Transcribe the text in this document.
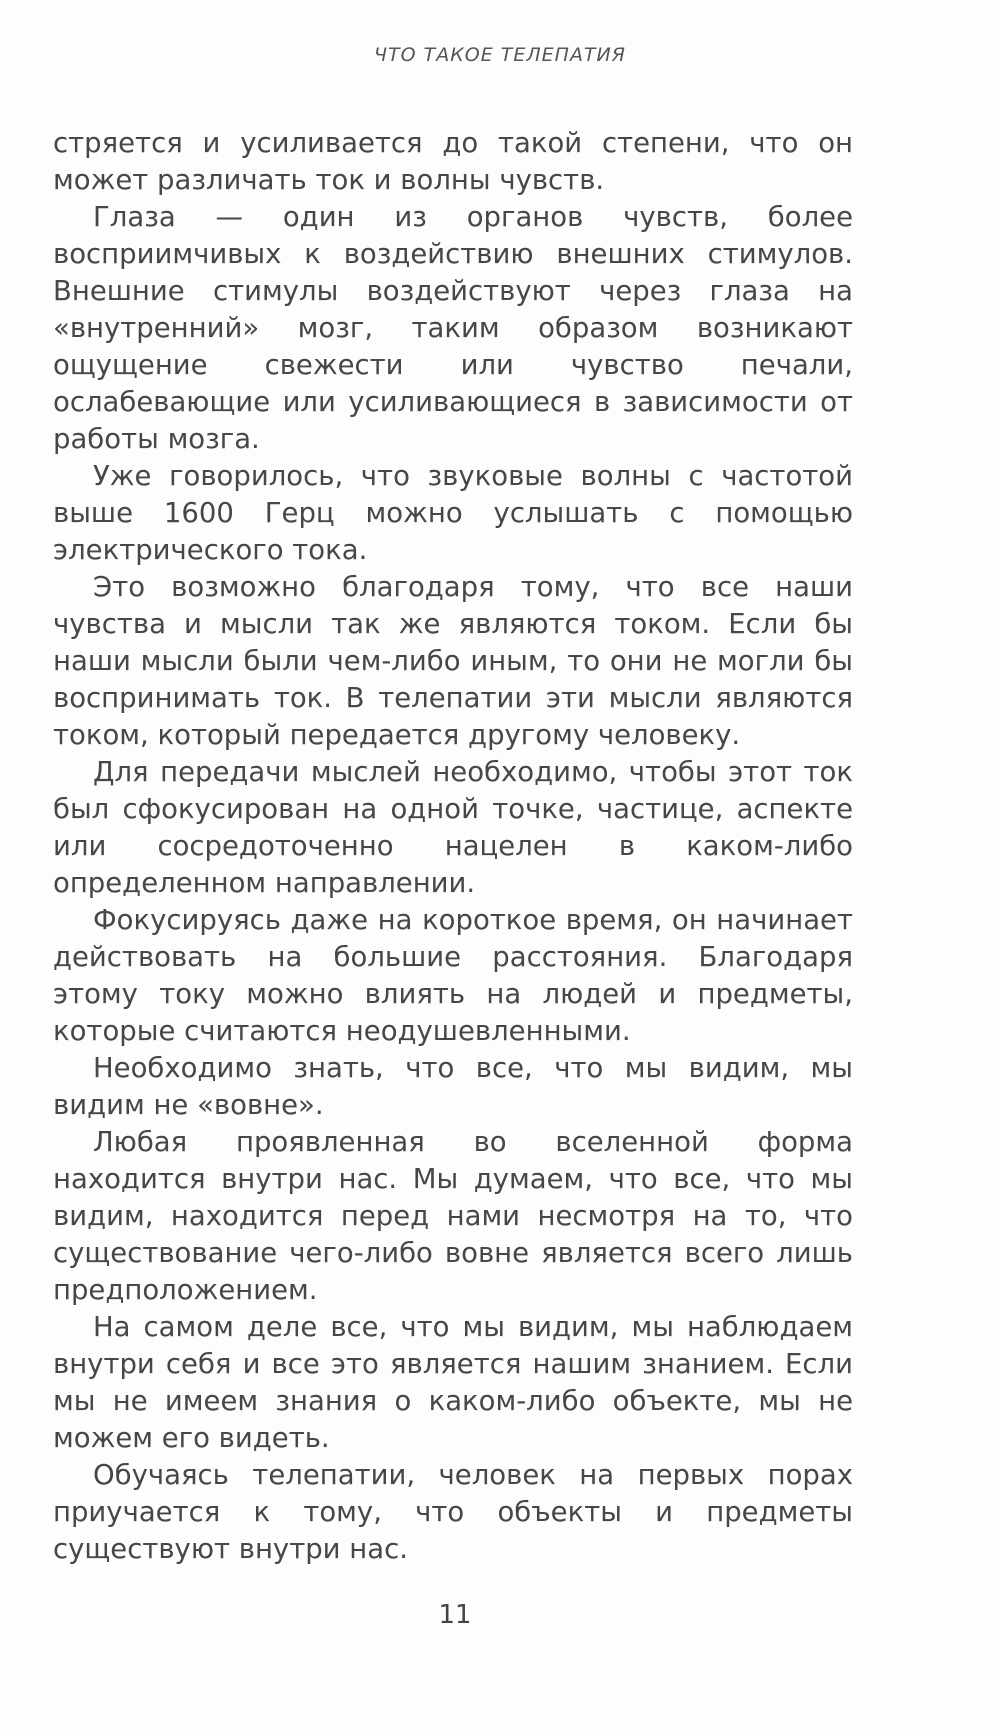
ЧТО ТАКОЕ ТЕЛЕПАТИЯ

стряется и усиливается до такой степени, что он может различать ток и волны чувств.

Глаза — один из органов чувств, более восприимчивых к воздействию внешних стимулов. Внешние стимулы воздействуют через глаза на «внутренний» мозг, таким образом возникают ощущение свежести или чувство печали, ослабевающие или усиливающиеся в зависимости от работы мозга.

Уже говорилось, что звуковые волны с частотой выше 1600 Герц можно услышать с помощью электрического тока.

Это возможно благодаря тому, что все наши чувства и мысли так же являются током. Если бы наши мысли были чем-либо иным, то они не могли бы воспринимать ток. В телепатии эти мысли являются током, который передается другому человеку.

Для передачи мыслей необходимо, чтобы этот ток был сфокусирован на одной точке, частице, аспекте или сосредоточенно нацелен в каком-либо определенном направлении.

Фокусируясь даже на короткое время, он начинает действовать на большие расстояния. Благодаря этому току можно влиять на людей и предметы, которые считаются неодушевленными.

Необходимо знать, что все, что мы видим, мы видим не «вовне».

Любая проявленная во вселенной форма находится внутри нас. Мы думаем, что все, что мы видим, находится перед нами несмотря на то, что существование чего-либо вовне является всего лишь предположением.

На самом деле все, что мы видим, мы наблюдаем внутри себя и все это является нашим знанием. Если мы не имеем знания о каком-либо объекте, мы не можем его видеть.

Обучаясь телепатии, человек на первых порах приучается к тому, что объекты и предметы существуют внутри нас.

11
